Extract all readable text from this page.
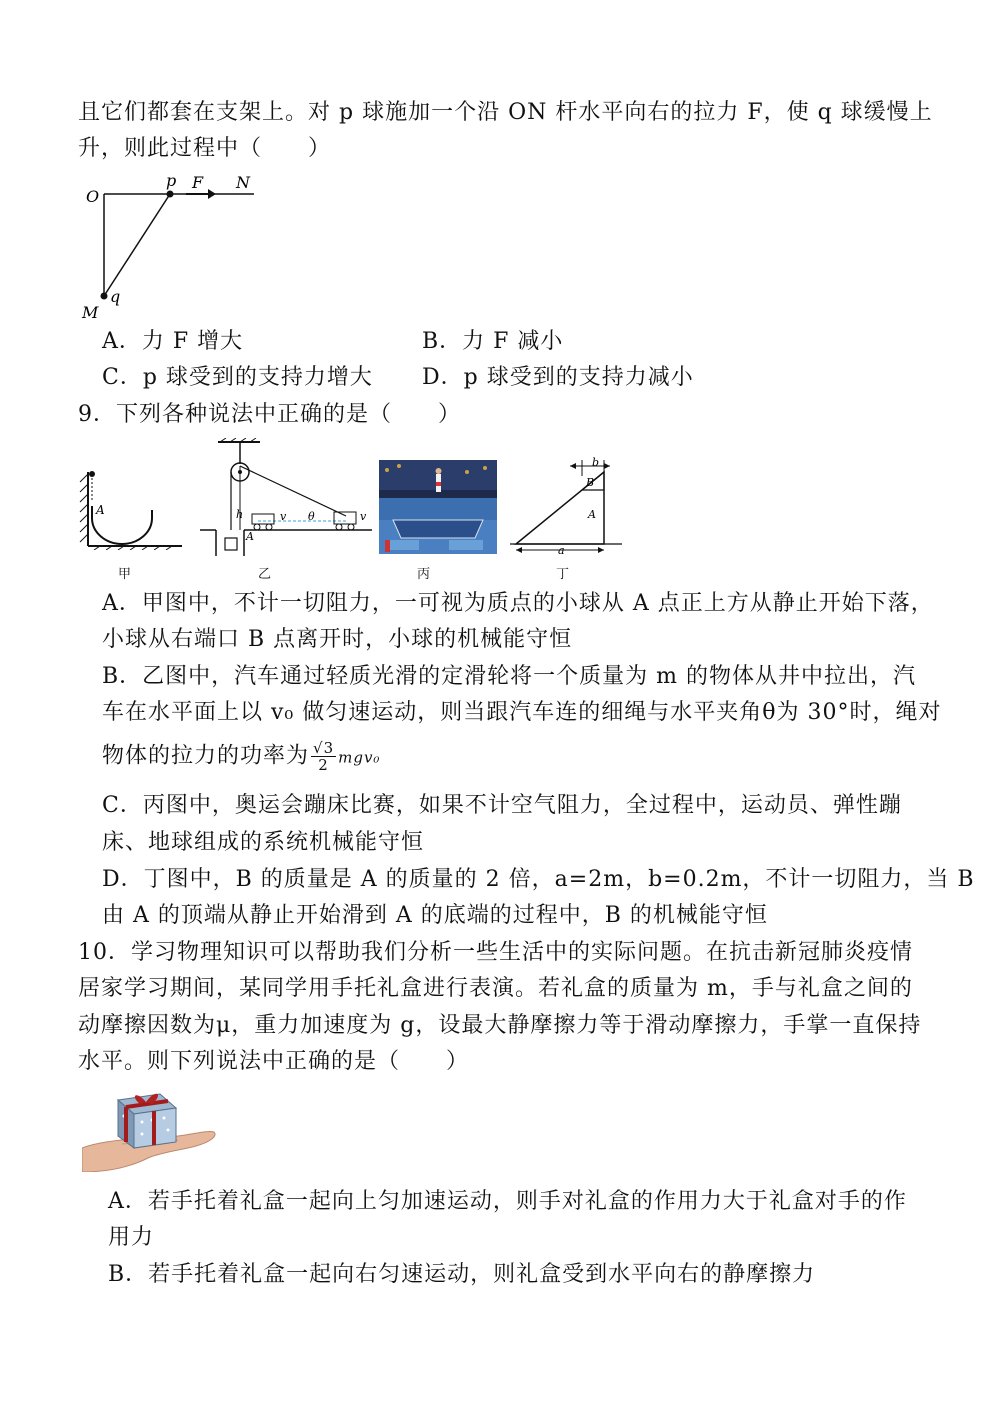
且它们都套在支架上。对 p 球施加一个沿 ON 杆水平向右的拉力 F，使 q 球缓慢上
升，则此过程中（　　）
O
p F N
M
q
A．力 F 增大	B．力 F 减小
C．p 球受到的支持力增大 D．p 球受到的支持力减小
9．下列各种说法中正确的是（　　）
A
甲
h
A
v θ	v
乙	丙
b
B
A
a
丁
A．甲图中，不计一切阻力，一可视为质点的小球从 A 点正上方从静止开始下落，
小球从右端口 B 点离开时，小球的机械能守恒
B．乙图中，汽车通过轻质光滑的定滑轮将一个质量为 m 的物体从井中拉出，汽
车在水平面上以 v₀ 做匀速运动，则当跟汽车连的细绳与水平夹角θ为 30°时，绳对
物体的拉力的功率为 $\frac{√3}{2} mgv_0$
C．丙图中，奥运会蹦床比赛，如果不计空气阻力，全过程中，运动员、弹性蹦
床、地球组成的系统机械能守恒
D．丁图中，B 的质量是 A 的质量的 2 倍，a=2m，b=0.2m，不计一切阻力，当 B
由 A 的顶端从静止开始滑到 A 的底端的过程中，B 的机械能守恒
10．学习物理知识可以帮助我们分析一些生活中的实际问题。在抗击新冠肺炎疫情
居家学习期间，某同学用手托礼盒进行表演。若礼盒的质量为 m，手与礼盒之间的
动摩擦因数为μ，重力加速度为 g，设最大静摩擦力等于滑动摩擦力，手掌一直保持
水平。则下列说法中正确的是（　　）
A．若手托着礼盒一起向上匀加速运动，则手对礼盒的作用力大于礼盒对手的作
用力
B．若手托着礼盒一起向右匀速运动，则礼盒受到水平向右的静摩擦力
